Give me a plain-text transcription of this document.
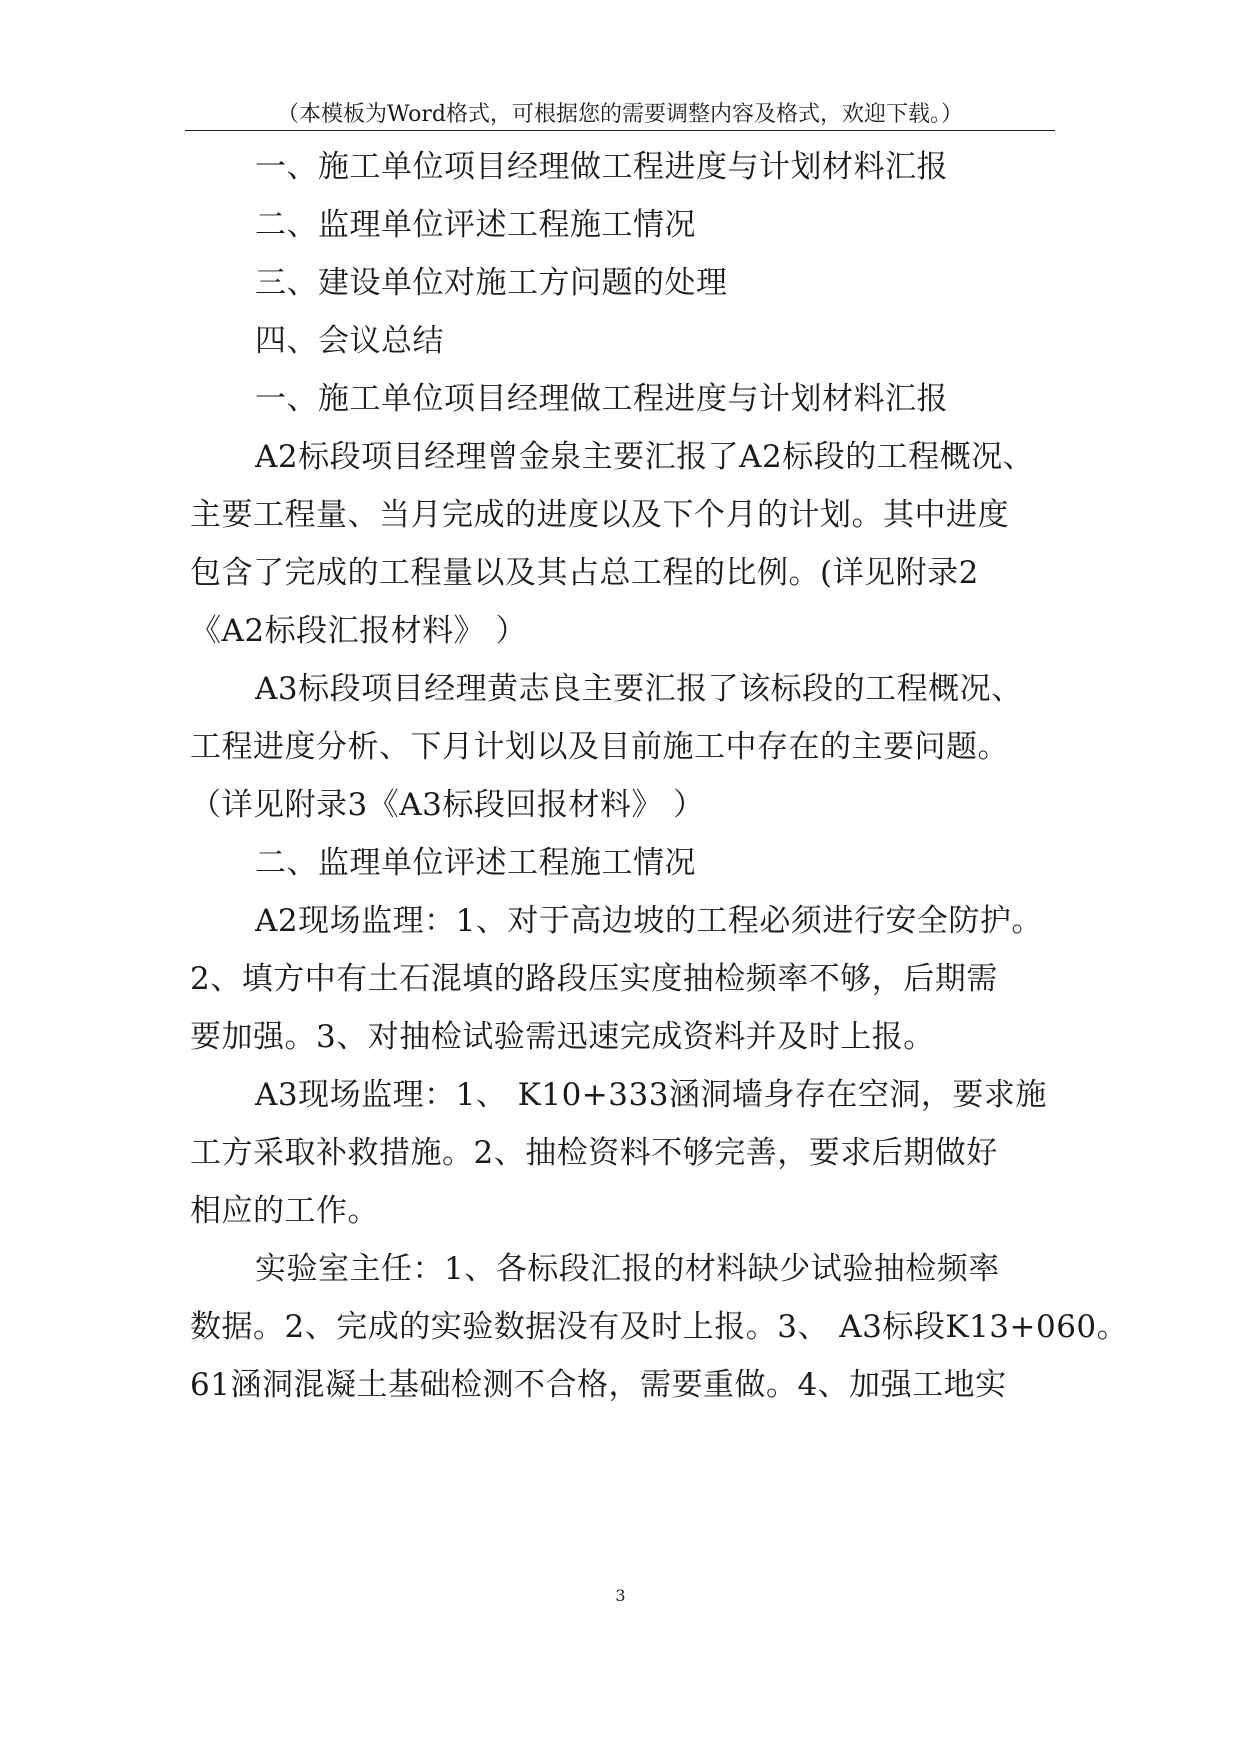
（本模板为Word格式，可根据您的需要调整内容及格式，欢迎下载。）
一、施工单位项目经理做工程进度与计划材料汇报
二、监理单位评述工程施工情况
三、建设单位对施工方问题的处理
四、会议总结
一、施工单位项目经理做工程进度与计划材料汇报
A2标段项目经理曾金泉主要汇报了A2标段的工程概况、
主要工程量、当月完成的进度以及下个月的计划。其中进度
包含了完成的工程量以及其占总工程的比例。(详见附录2
《A2标段汇报材料》 ）
A3标段项目经理黄志良主要汇报了该标段的工程概况、
工程进度分析、下月计划以及目前施工中存在的主要问题。
（详见附录3《A3标段回报材料》 ）
二、监理单位评述工程施工情况
A2现场监理：1、对于高边坡的工程必须进行安全防护。
2、填方中有土石混填的路段压实度抽检频率不够，后期需
要加强。3、对抽检试验需迅速完成资料并及时上报。
A3现场监理：1、 K10+333涵洞墙身存在空洞，要求施
工方采取补救措施。2、抽检资料不够完善，要求后期做好
相应的工作。
实验室主任：1、各标段汇报的材料缺少试验抽检频率
数据。2、完成的实验数据没有及时上报。3、 A3标段K13+060。
61涵洞混凝土基础检测不合格，需要重做。4、加强工地实
3
